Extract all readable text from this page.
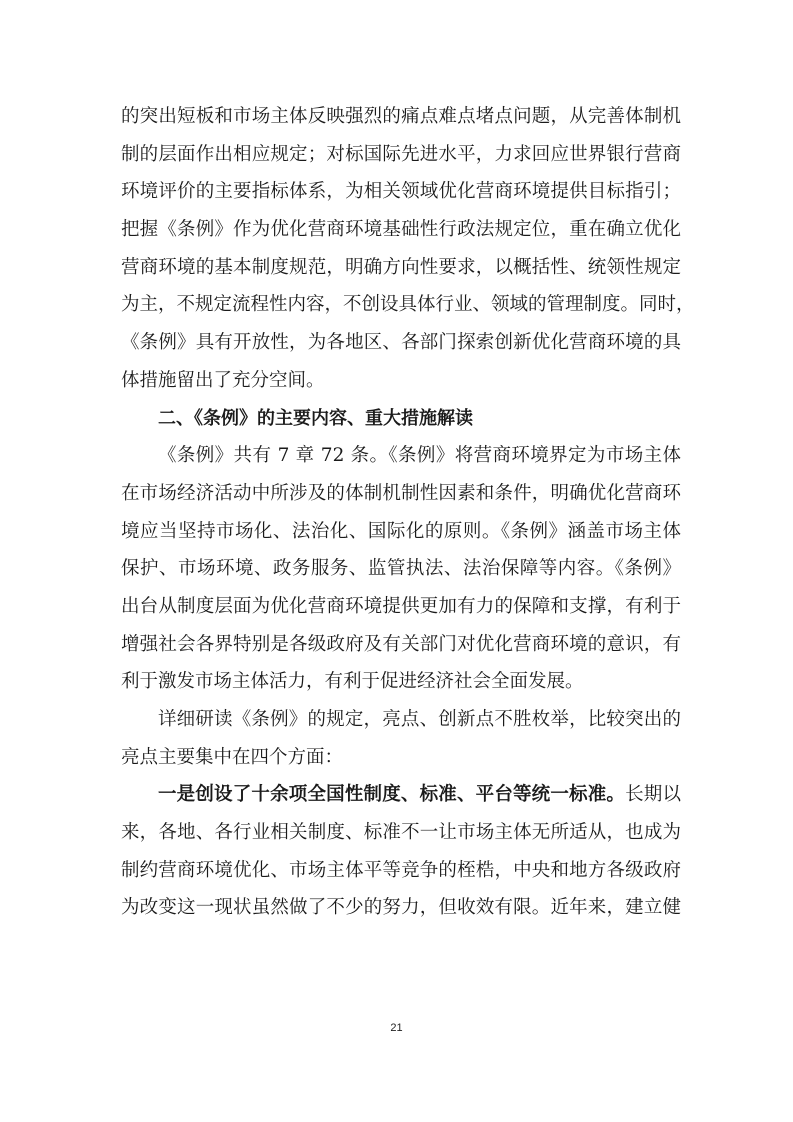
的突出短板和市场主体反映强烈的痛点难点堵点问题，从完善体制机
制的层面作出相应规定；对标国际先进水平，力求回应世界银行营商
环境评价的主要指标体系，为相关领域优化营商环境提供目标指引；
把握《条例》作为优化营商环境基础性行政法规定位，重在确立优化
营商环境的基本制度规范，明确方向性要求，以概括性、统领性规定
为主，不规定流程性内容，不创设具体行业、领域的管理制度。同时，
《条例》具有开放性，为各地区、各部门探索创新优化营商环境的具
体措施留出了充分空间。
二、《条例》的主要内容、重大措施解读
《条例》共有 7 章 72 条。《条例》将营商环境界定为市场主体
在市场经济活动中所涉及的体制机制性因素和条件，明确优化营商环
境应当坚持市场化、法治化、国际化的原则。《条例》涵盖市场主体
保护、市场环境、政务服务、监管执法、法治保障等内容。《条例》
出台从制度层面为优化营商环境提供更加有力的保障和支撑，有利于
增强社会各界特别是各级政府及有关部门对优化营商环境的意识，有
利于激发市场主体活力，有利于促进经济社会全面发展。
详细研读《条例》的规定，亮点、创新点不胜枚举，比较突出的
亮点主要集中在四个方面：
一是创设了十余项全国性制度、标准、平台等统一标准。长期以
来，各地、各行业相关制度、标准不一让市场主体无所适从，也成为
制约营商环境优化、市场主体平等竞争的桎梏，中央和地方各级政府
为改变这一现状虽然做了不少的努力，但收效有限。近年来，建立健
21
